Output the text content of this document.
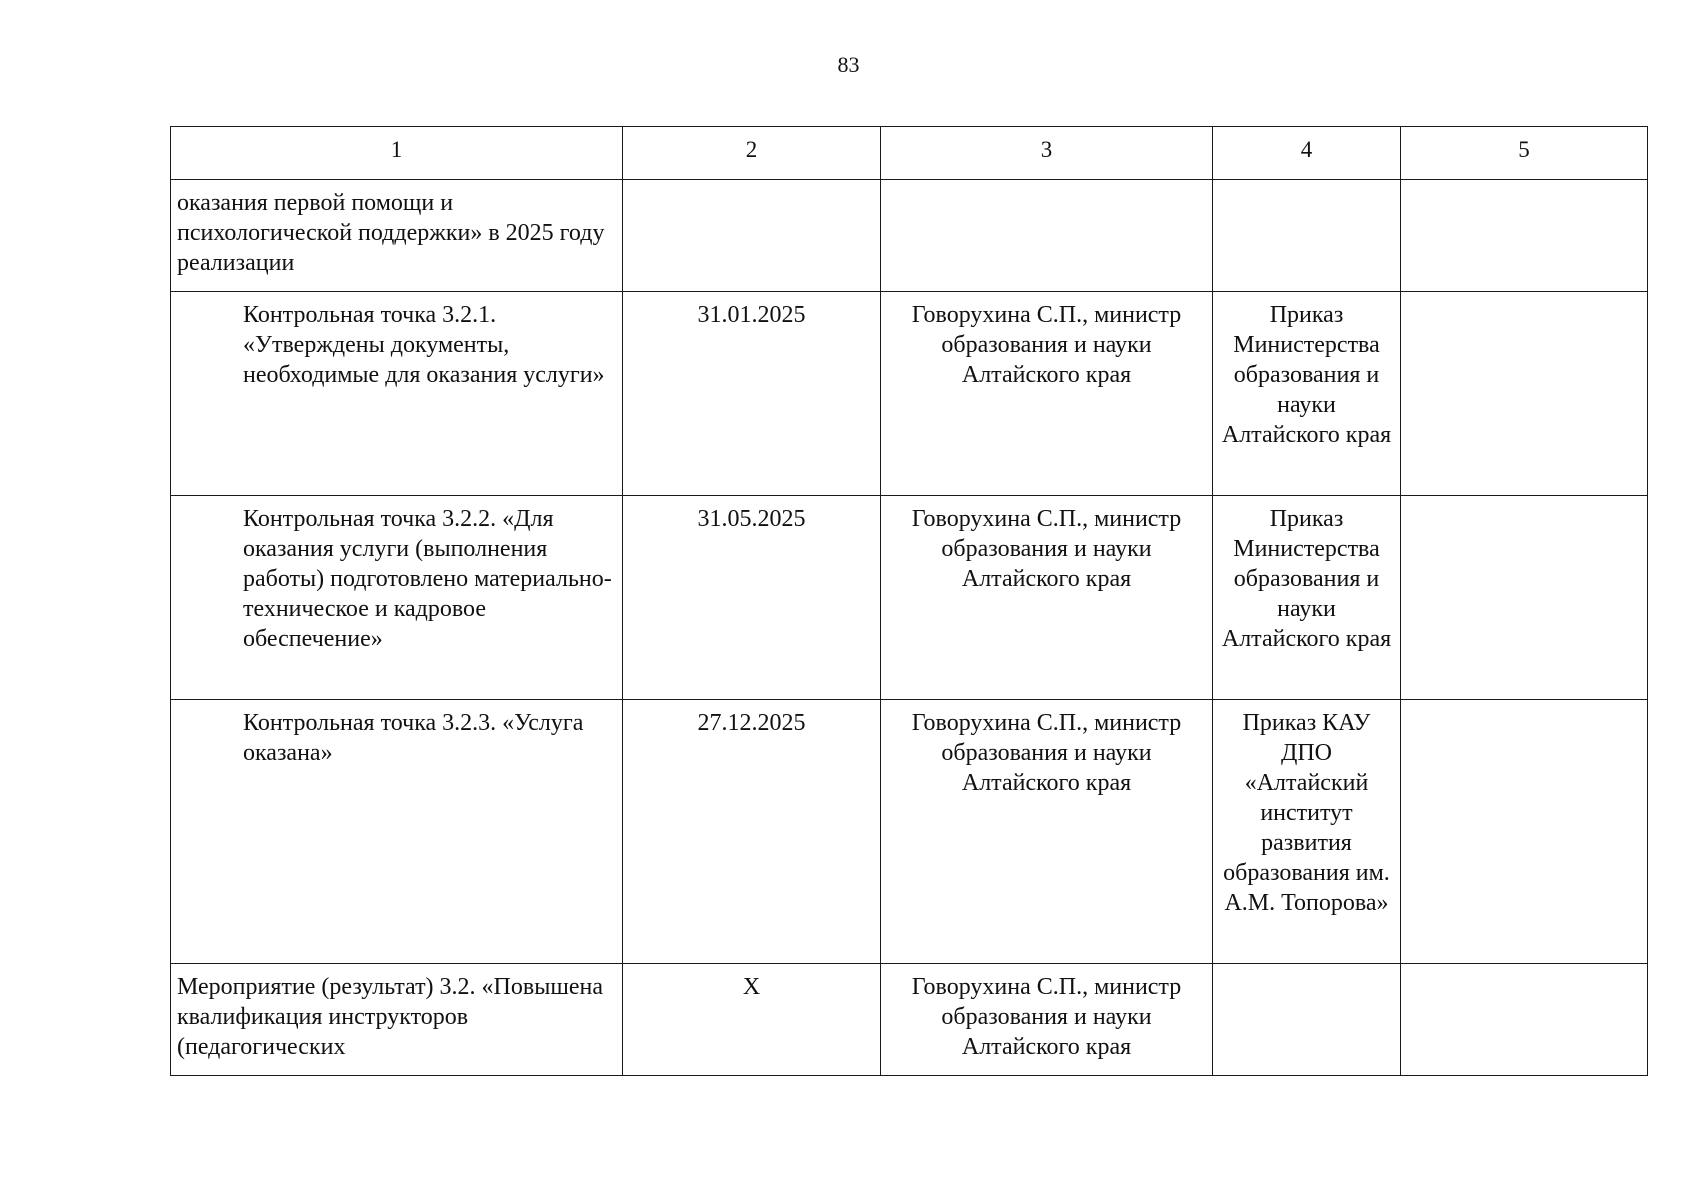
83
1	2	3	4	5
оказания первой помощи и психологической поддержки» в 2025 году реализации				
Контрольная точка 3.2.1. «Утверждены документы, необходимые для оказания услуги»	31.01.2025	Говорухина С.П., министр образования и науки Алтайского края	Приказ Министерства образования и науки Алтайского края	
Контрольная точка 3.2.2. «Для оказания услуги (выполнения работы) подготовлено материально-техническое и кадровое обеспечение»	31.05.2025	Говорухина С.П., министр образования и науки Алтайского края	Приказ Министерства образования и науки Алтайского края	
Контрольная точка 3.2.3. «Услуга оказана»	27.12.2025	Говорухина С.П., министр образования и науки Алтайского края	Приказ КАУ ДПО «Алтайский институт развития образования им. А.М. Топорова»	
Мероприятие (результат) 3.2. «Повышена квалификация инструкторов (педагогических	Х	Говорухина С.П., министр образования и науки Алтайского края		
